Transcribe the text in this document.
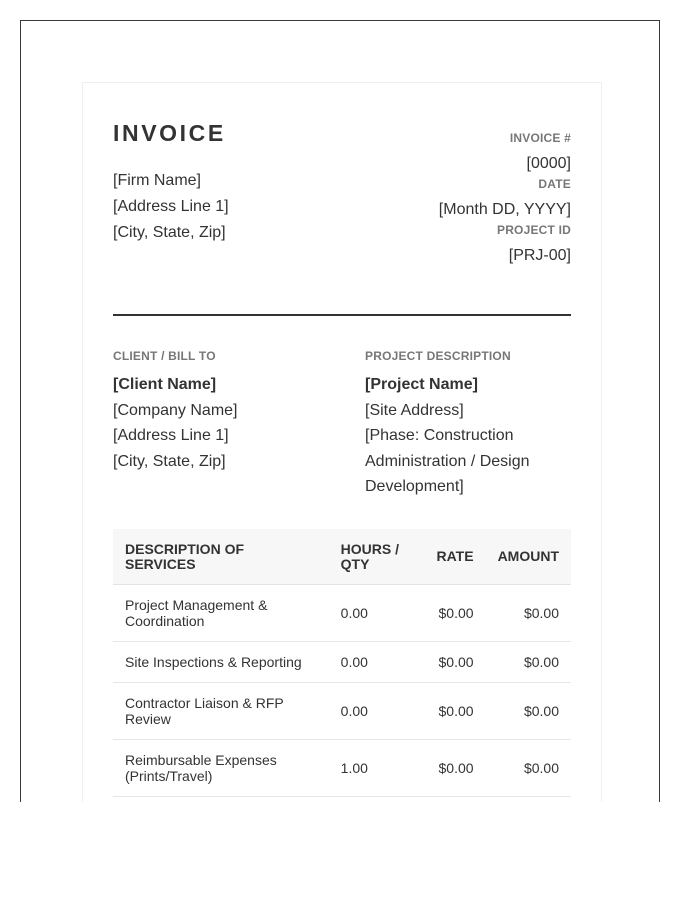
INVOICE
[Firm Name]
[Address Line 1]
[City, State, Zip]
INVOICE #
[0000]
DATE
[Month DD, YYYY]
PROJECT ID
[PRJ-00]
CLIENT / BILL TO
[Client Name]
[Company Name]
[Address Line 1]
[City, State, Zip]
PROJECT DESCRIPTION
[Project Name]
[Site Address]
[Phase: Construction Administration / Design Development]
DESCRIPTION OF SERVICES	HOURS / QTY	RATE	AMOUNT
Project Management & Coordination	0.00	$0.00	$0.00
Site Inspections & Reporting	0.00	$0.00	$0.00
Contractor Liaison & RFP Review	0.00	$0.00	$0.00
Reimbursable Expenses (Prints/Travel)	1.00	$0.00	$0.00
